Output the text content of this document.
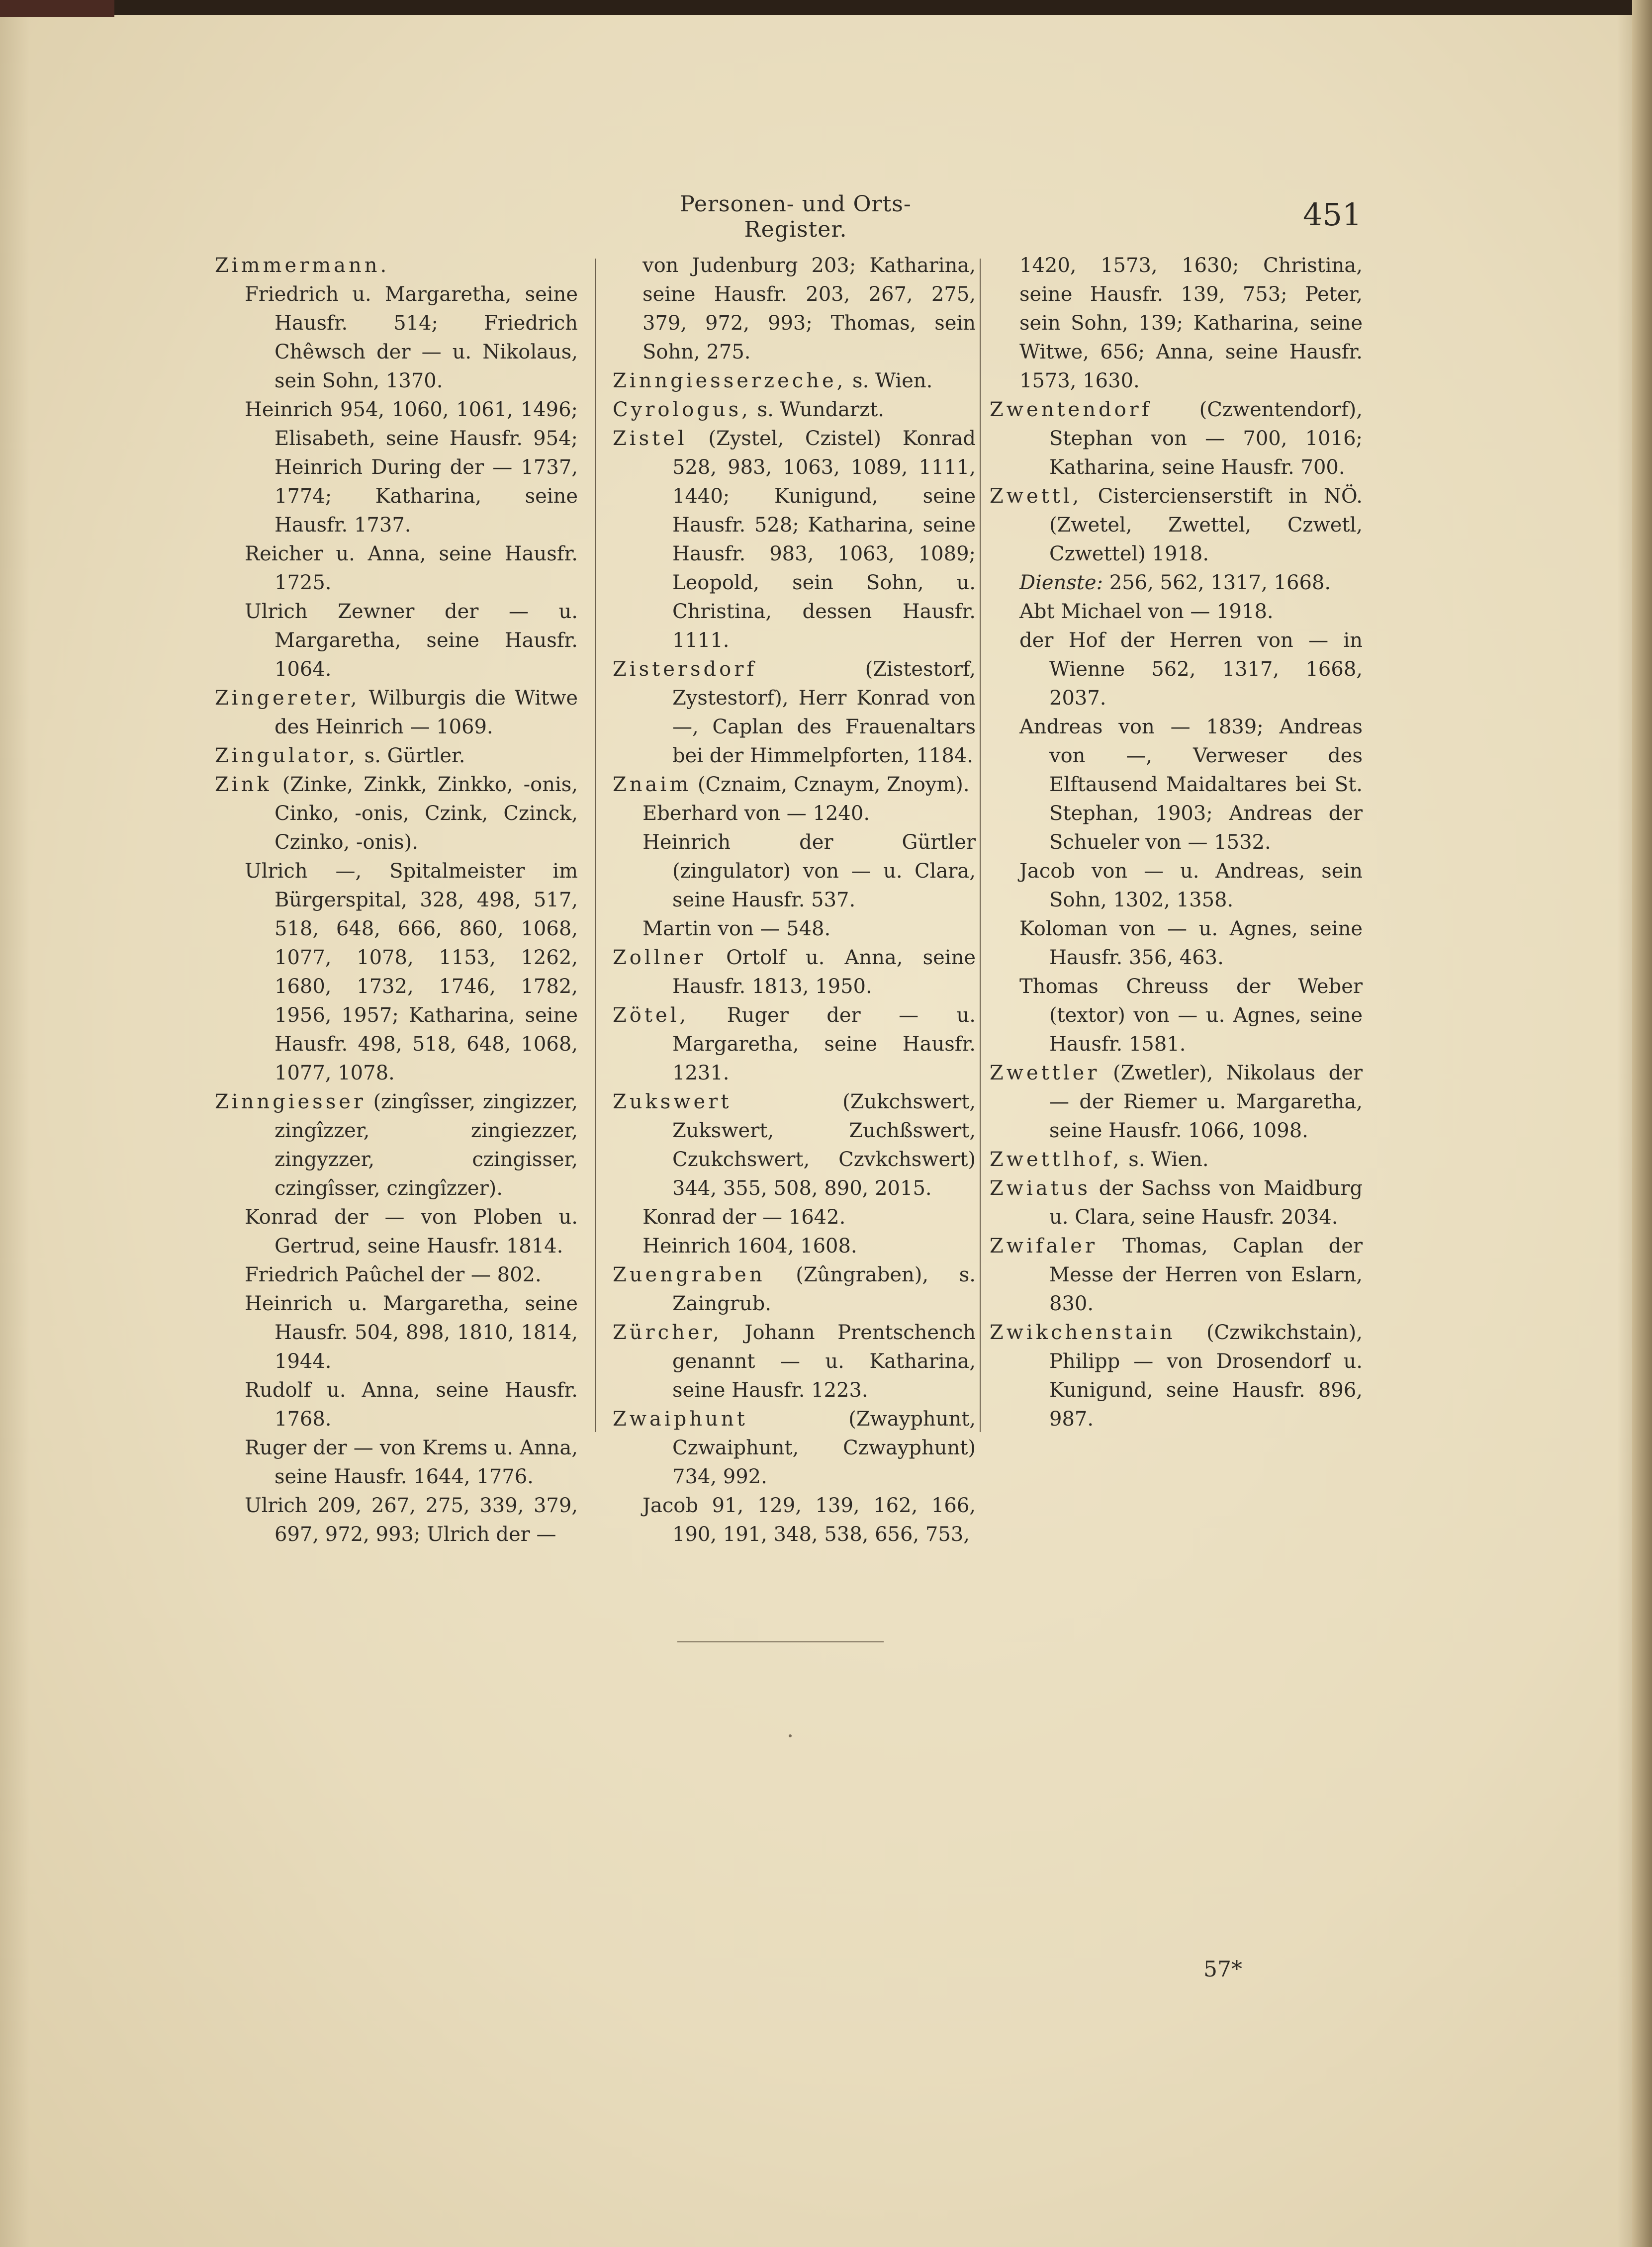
Personen- und Orts-Register.	451

Zimmermann.

Friedrich u. Margaretha, seine Hausfr. 514; Friedrich Chêwsch der — u. Nikolaus, sein Sohn, 1370.

Heinrich 954, 1060, 1061, 1496; Elisabeth, seine Hausfr. 954; Heinrich During der — 1737, 1774; Katharina, seine Hausfr. 1737.

Reicher u. Anna, seine Hausfr. 1725.

Ulrich Zewner der — u. Margaretha, seine Hausfr. 1064.

Zingereter, Wilburgis die Witwe des Heinrich — 1069.

Zingulator, s. Gürtler.

Zink (Zinke, Zinkk, Zinkko, -onis, Cinko, -onis, Czink, Czinck, Czinko, -onis).

Ulrich —, Spitalmeister im Bürgerspital, 328, 498, 517, 518, 648, 666, 860, 1068, 1077, 1078, 1153, 1262, 1680, 1732, 1746, 1782, 1956, 1957; Katharina, seine Hausfr. 498, 518, 648, 1068, 1077, 1078.

Zinngiesser (zingîsser, zingizzer, zingîzzer, zingiezzer, zingyzzer, czingisser, czingîsser, czingîzzer).

Konrad der — von Ploben u. Gertrud, seine Hausfr. 1814.

Friedrich Paûchel der — 802.

Heinrich u. Margaretha, seine Hausfr. 504, 898, 1810, 1814, 1944.

Rudolf u. Anna, seine Hausfr. 1768.

Ruger der — von Krems u. Anna, seine Hausfr. 1644, 1776.

Ulrich 209, 267, 275, 339, 379, 697, 972, 993; Ulrich der —

von Judenburg 203; Katharina, seine Hausfr. 203, 267, 275, 379, 972, 993; Thomas, sein Sohn, 275.

Zinngiesserzeche, s. Wien.

Cyrologus, s. Wundarzt.

Zistel (Zystel, Czistel) Konrad 528, 983, 1063, 1089, 1111, 1440; Kunigund, seine Hausfr. 528; Katharina, seine Hausfr. 983, 1063, 1089; Leopold, sein Sohn, u. Christina, dessen Hausfr. 1111.

Zistersdorf (Zistestorf, Zystestorf), Herr Konrad von —, Caplan des Frauenaltars bei der Himmelpforten, 1184.

Znaim (Cznaim, Cznaym, Znoym).

Eberhard von — 1240.

Heinrich der Gürtler (zingulator) von — u. Clara, seine Hausfr. 537.

Martin von — 548.

Zollner Ortolf u. Anna, seine Hausfr. 1813, 1950.

Zötel, Ruger der — u. Margaretha, seine Hausfr. 1231.

Zukswert (Zukchswert, Zukswert, Zuchßswert, Czukchswert, Czvkchswert) 344, 355, 508, 890, 2015.

Konrad der — 1642.

Heinrich 1604, 1608.

Zuengraben (Zûngraben), s. Zaingrub.

Zürcher, Johann Prentschench genannt — u. Katharina, seine Hausfr. 1223.

Zwaiphunt (Zwayphunt, Czwaiphunt, Czwayphunt) 734, 992.

Jacob 91, 129, 139, 162, 166, 190, 191, 348, 538, 656, 753,

1420, 1573, 1630; Christina, seine Hausfr. 139, 753; Peter, sein Sohn, 139; Katharina, seine Witwe, 656; Anna, seine Hausfr. 1573, 1630.

Zwentendorf (Czwentendorf), Stephan von — 700, 1016; Katharina, seine Hausfr. 700.

Zwettl, Cistercienserstift in NÖ. (Zwetel, Zwettel, Czwetl, Czwettel) 1918.

Dienste: 256, 562, 1317, 1668.

Abt Michael von — 1918.

der Hof der Herren von — in Wienne 562, 1317, 1668, 2037.

Andreas von — 1839; Andreas von —, Verweser des Elftausend Maidaltares bei St. Stephan, 1903; Andreas der Schueler von — 1532.

Jacob von — u. Andreas, sein Sohn, 1302, 1358.

Koloman von — u. Agnes, seine Hausfr. 356, 463.

Thomas Chreuss der Weber (textor) von — u. Agnes, seine Hausfr. 1581.

Zwettler (Zwetler), Nikolaus der — der Riemer u. Margaretha, seine Hausfr. 1066, 1098.

Zwettlhof, s. Wien.

Zwiatus der Sachss von Maidburg u. Clara, seine Hausfr. 2034.

Zwifaler Thomas, Caplan der Messe der Herren von Eslarn, 830.

Zwikchenstain (Czwikchstain), Philipp — von Drosendorf u. Kunigund, seine Hausfr. 896, 987.

57*
